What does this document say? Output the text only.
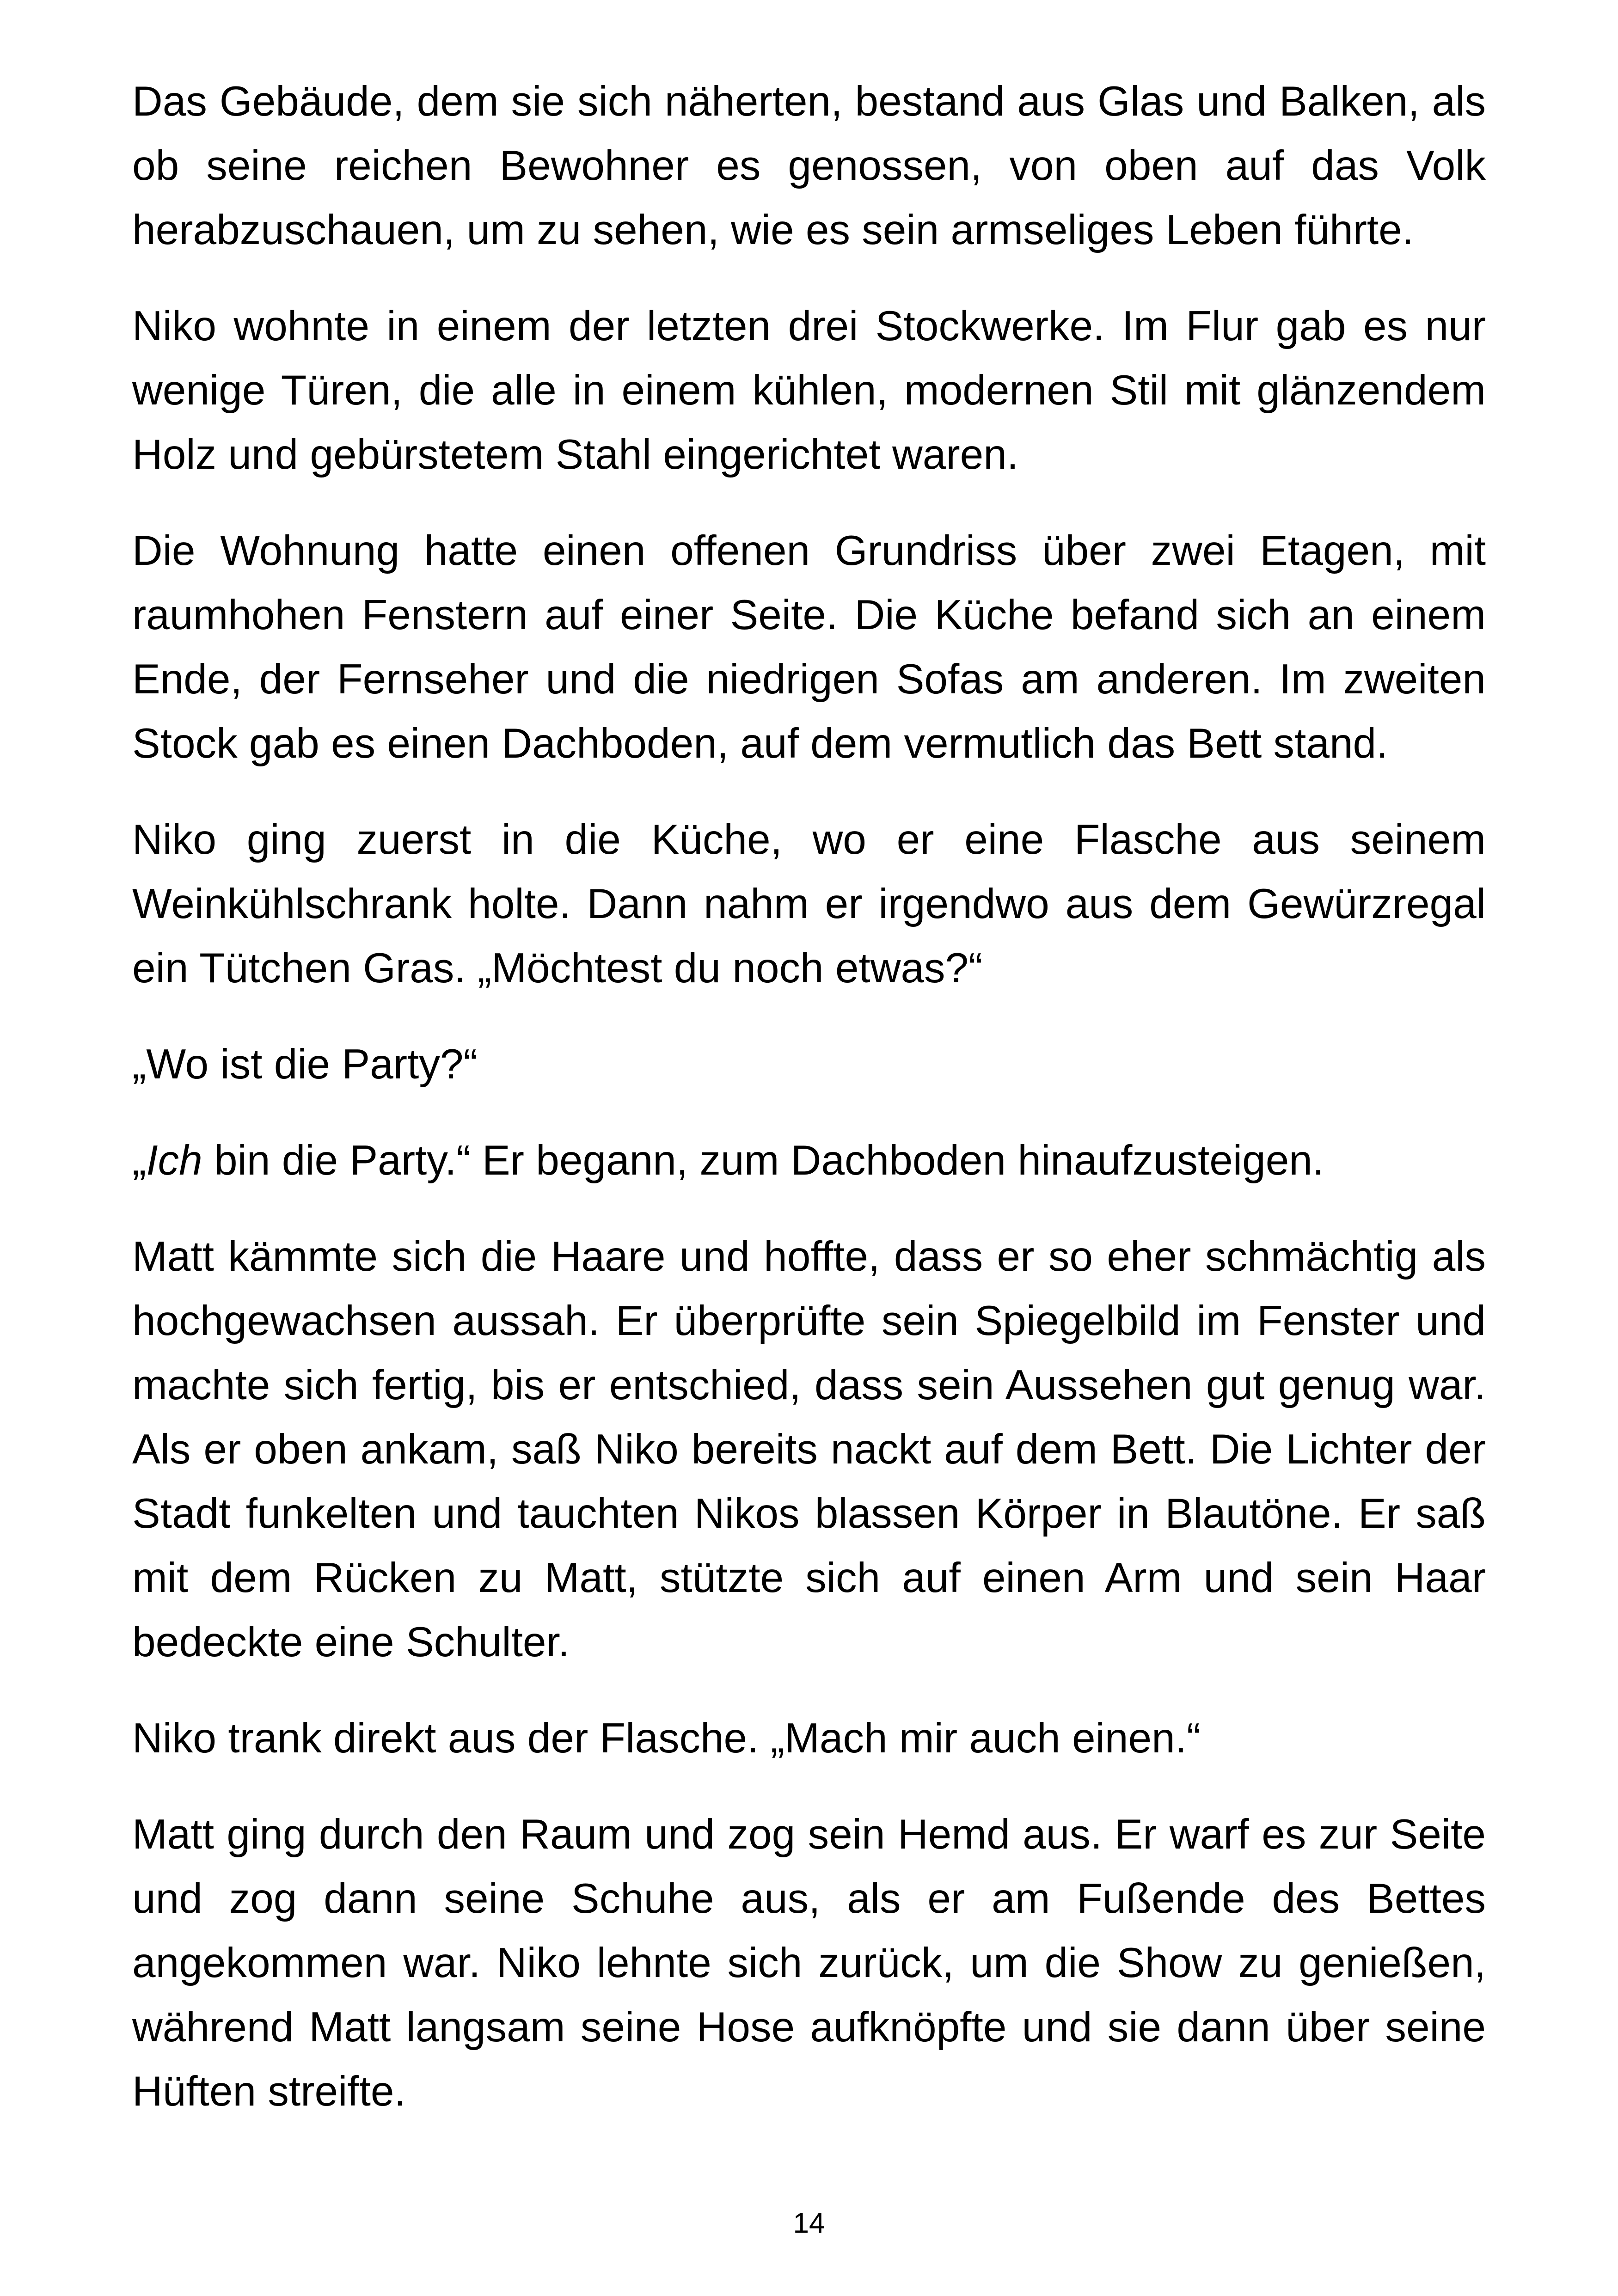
Das Gebäude, dem sie sich näherten, bestand aus Glas und Balken, als ob seine reichen Bewohner es genossen, von oben auf das Volk herabzuschauen, um zu sehen, wie es sein armseliges Leben führte.

Niko wohnte in einem der letzten drei Stockwerke. Im Flur gab es nur wenige Türen, die alle in einem kühlen, modernen Stil mit glänzendem Holz und gebürstetem Stahl eingerichtet waren.

Die Wohnung hatte einen offenen Grundriss über zwei Etagen, mit raumhohen Fenstern auf einer Seite. Die Küche befand sich an einem Ende, der Fernseher und die niedrigen Sofas am anderen. Im zweiten Stock gab es einen Dachboden, auf dem vermutlich das Bett stand.

Niko ging zuerst in die Küche, wo er eine Flasche aus seinem Weinkühlschrank holte. Dann nahm er irgendwo aus dem Gewürzregal ein Tütchen Gras. „Möchtest du noch etwas?“

„Wo ist die Party?“

„Ich bin die Party.“ Er begann, zum Dachboden hinaufzusteigen.

Matt kämmte sich die Haare und hoffte, dass er so eher schmächtig als hochgewachsen aussah. Er überprüfte sein Spiegelbild im Fenster und machte sich fertig, bis er entschied, dass sein Aussehen gut genug war. Als er oben ankam, saß Niko bereits nackt auf dem Bett. Die Lichter der Stadt funkelten und tauchten Nikos blassen Körper in Blautöne. Er saß mit dem Rücken zu Matt, stützte sich auf einen Arm und sein Haar bedeckte eine Schulter.

Niko trank direkt aus der Flasche. „Mach mir auch einen.“

Matt ging durch den Raum und zog sein Hemd aus. Er warf es zur Seite und zog dann seine Schuhe aus, als er am Fußende des Bettes angekommen war. Niko lehnte sich zurück, um die Show zu genießen, während Matt langsam seine Hose aufknöpfte und sie dann über seine Hüften streifte.

14
